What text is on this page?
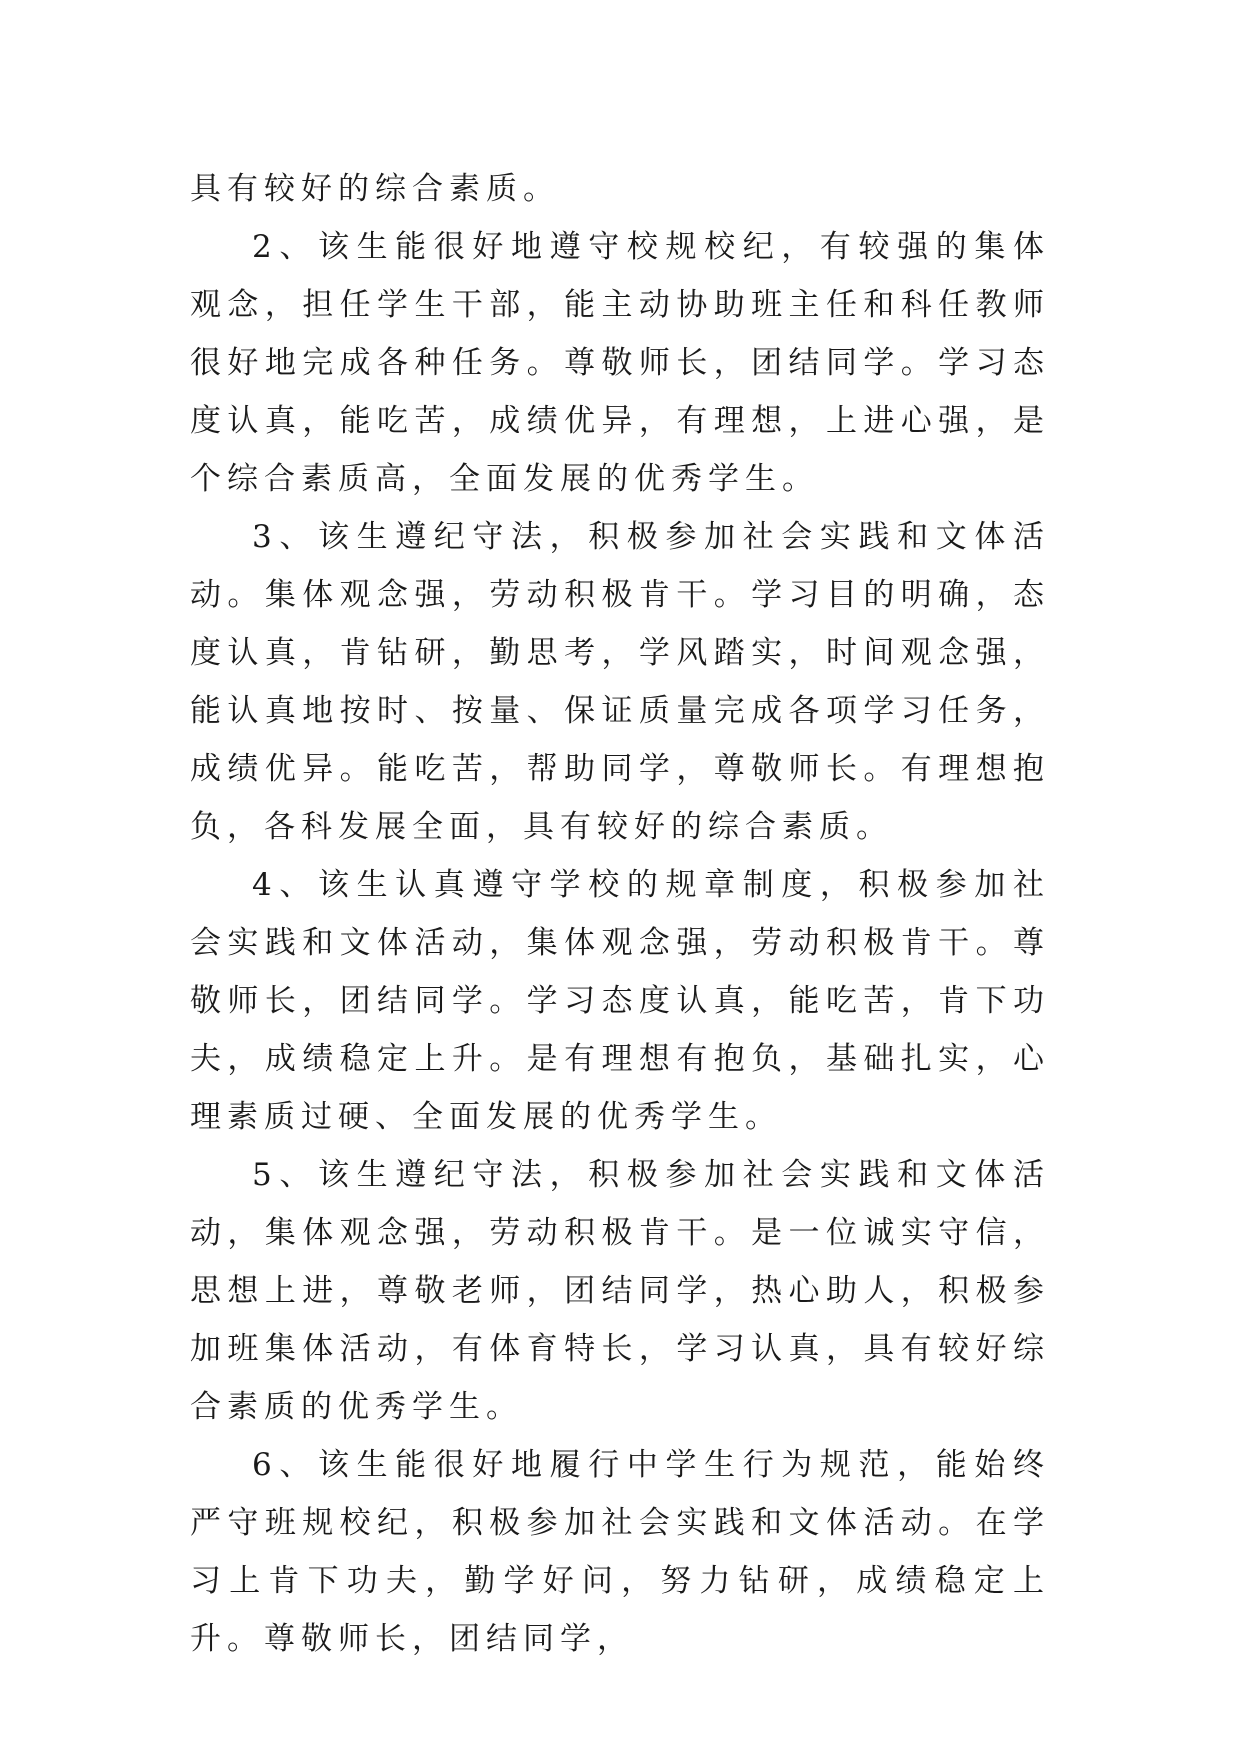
具有较好的综合素质。

2、该生能很好地遵守校规校纪，有较强的集体观念，担任学生干部，能主动协助班主任和科任教师很好地完成各种任务。尊敬师长，团结同学。学习态度认真，能吃苦，成绩优异，有理想，上进心强，是个综合素质高，全面发展的优秀学生。

3、该生遵纪守法，积极参加社会实践和文体活动。集体观念强，劳动积极肯干。学习目的明确，态度认真，肯钻研，勤思考，学风踏实，时间观念强，能认真地按时、按量、保证质量完成各项学习任务，成绩优异。能吃苦，帮助同学，尊敬师长。有理想抱负，各科发展全面，具有较好的综合素质。

4、该生认真遵守学校的规章制度，积极参加社会实践和文体活动，集体观念强，劳动积极肯干。尊敬师长，团结同学。学习态度认真，能吃苦，肯下功夫，成绩稳定上升。是有理想有抱负，基础扎实，心理素质过硬、全面发展的优秀学生。

5、该生遵纪守法，积极参加社会实践和文体活动，集体观念强，劳动积极肯干。是一位诚实守信，思想上进，尊敬老师，团结同学，热心助人，积极参加班集体活动，有体育特长，学习认真，具有较好综合素质的优秀学生。

6、该生能很好地履行中学生行为规范，能始终严守班规校纪，积极参加社会实践和文体活动。在学习上肯下功夫，勤学好问，努力钻研，成绩稳定上升。尊敬师长，团结同学，
